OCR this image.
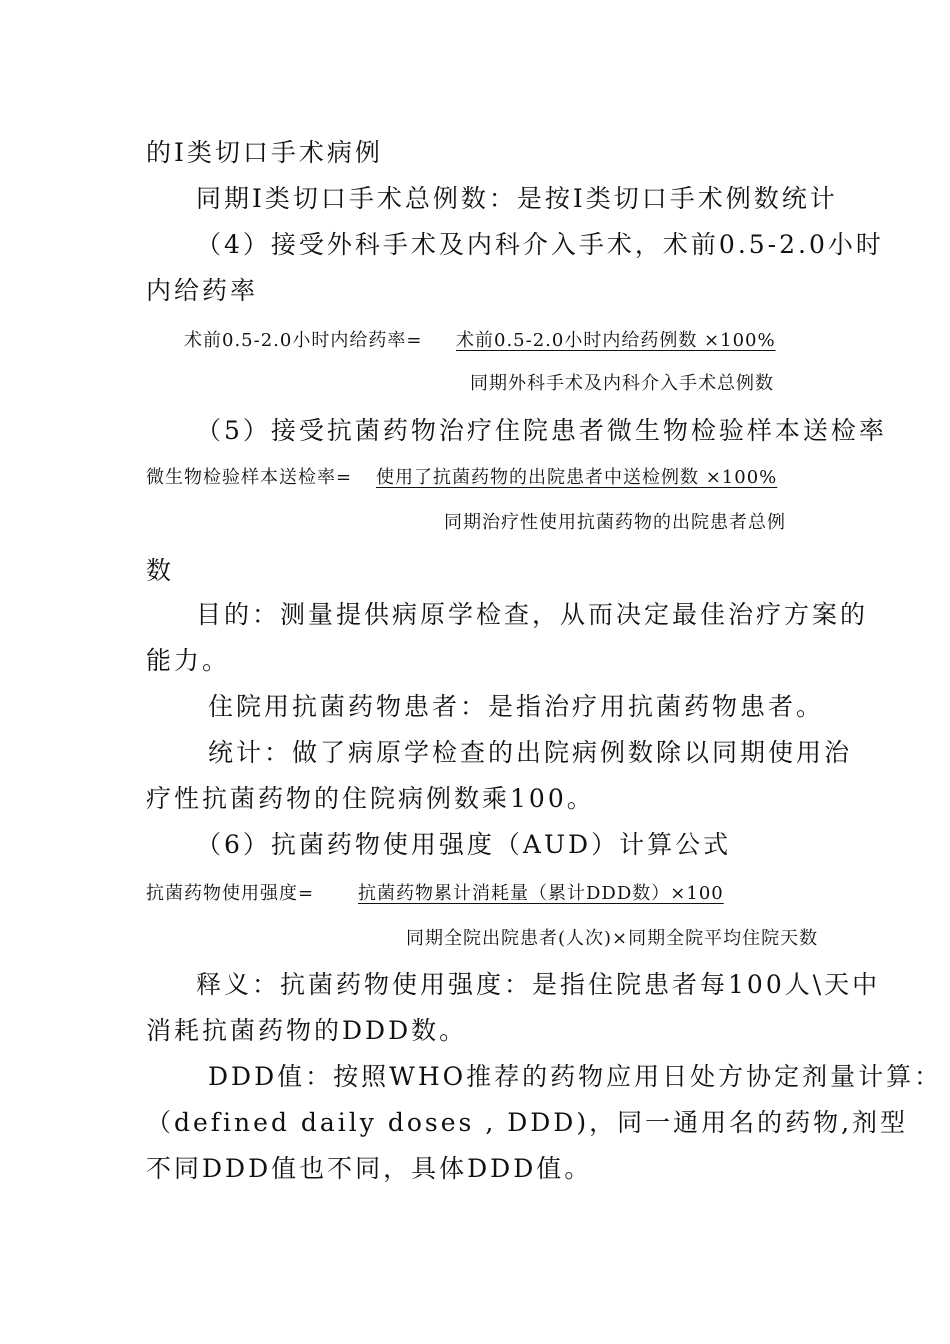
的Ⅰ类切口手术病例
同期Ⅰ类切口手术总例数：是按Ⅰ类切口手术例数统计
（4）接受外科手术及内科介入手术，术前0.5-2.0小时
内给药率
术前0.5-2.0小时内给药率= 术前0.5-2.0小时内给药例数 ×100%
同期外科手术及内科介入手术总例数
（5）接受抗菌药物治疗住院患者微生物检验样本送检率
微生物检验样本送检率= 使用了抗菌药物的出院患者中送检例数 ×100%
同期治疗性使用抗菌药物的出院患者总例
数
目的：测量提供病原学检查，从而决定最佳治疗方案的
能力。
住院用抗菌药物患者：是指治疗用抗菌药物患者。
统计：做了病原学检查的出院病例数除以同期使用治
疗性抗菌药物的住院病例数乘100。
（6）抗菌药物使用强度（AUD）计算公式
抗菌药物使用强度= 抗菌药物累计消耗量（累计DDD数）×100
同期全院出院患者(人次)×同期全院平均住院天数
释义：抗菌药物使用强度：是指住院患者每100人\天中
消耗抗菌药物的DDD数。
DDD值：按照WHO推荐的药物应用日处方协定剂量计算：
（defined daily doses , DDD)，同一通用名的药物,剂型
不同DDD值也不同，具体DDD值。
